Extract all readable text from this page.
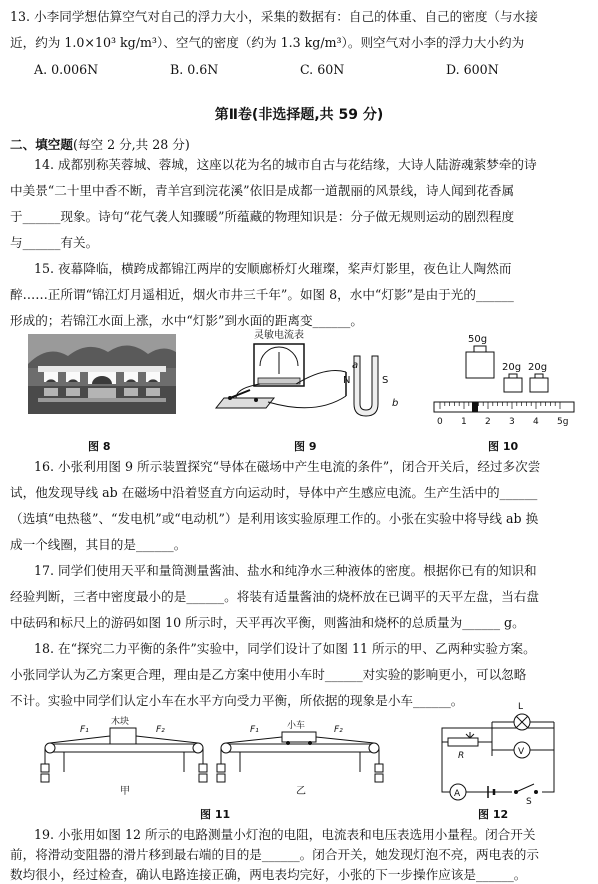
13. 小李同学想估算空气对自己的浮力大小，采集的数据有：自己的体重、自己的密度（与水接
近，约为 1.0×10³ kg/m³）、空气的密度（约为 1.3 kg/m³）。则空气对小李的浮力大小约为
A. 0.006N	B. 0.6N	C. 60N	D. 600N
第Ⅱ卷(非选择题,共 59 分)
二、填空题(每空 2 分,共 28 分)
14. 成都别称芙蓉城、蓉城，这座以花为名的城市自古与花结缘，大诗人陆游魂萦梦牵的诗
中美景“二十里中香不断，青羊宫到浣花溪”依旧是成都一道靓丽的风景线，诗人闻到花香属
于______现象。诗句“花气袭人知骤暖”所蕴藏的物理知识是：分子做无规则运动的剧烈程度
与______有关。
15. 夜幕降临，横跨成都锦江两岸的安顺廊桥灯火璀璨，桨声灯影里，夜色让人陶然而
醉……正所谓“锦江灯月遥相近，烟火市井三千年”。如图 8，水中“灯影”是由于光的______
形成的；若锦江水面上涨，水中“灯影”到水面的距离变______。
图 8
灵敏电流表
N	S
a
b
图 9
50g
20g 20g
0 1 2 3 4 5g
图 10
16. 小张利用图 9 所示装置探究“导体在磁场中产生电流的条件”，闭合开关后，经过多次尝
试，他发现导线 ab 在磁场中沿着竖直方向运动时，导体中产生感应电流。生产生活中的______
（选填“电热毯”、“发电机”或“电动机”）是利用该实验原理工作的。小张在实验中将导线 ab 换
成一个线圈，其目的是______。
17. 同学们使用天平和量筒测量酱油、盐水和纯净水三种液体的密度。根据你已有的知识和
经验判断，三者中密度最小的是______。将装有适量酱油的烧杯放在已调平的天平左盘，当右盘
中砝码和标尺上的游码如图 10 所示时，天平再次平衡，则酱油和烧杯的总质量为______ g。
18. 在“探究二力平衡的条件”实验中，同学们设计了如图 11 所示的甲、乙两种实验方案。
小张同学认为乙方案更合理，理由是乙方案中使用小车时______对实验的影响更小，可以忽略
不计。实验中同学们认定小车在水平方向受力平衡，所依据的现象是小车______。
木块
F₁	F₂
甲
小车
F₁	F₂
乙
图 11
L
V
R
A
S
图 12
19. 小张用如图 12 所示的电路测量小灯泡的电阻，电流表和电压表选用小量程。闭合开关
前，将滑动变阻器的滑片移到最右端的目的是______。闭合开关，她发现灯泡不亮，两电表的示
数均很小，经过检查，确认电路连接正确，两电表均完好，小张的下一步操作应该是______。
